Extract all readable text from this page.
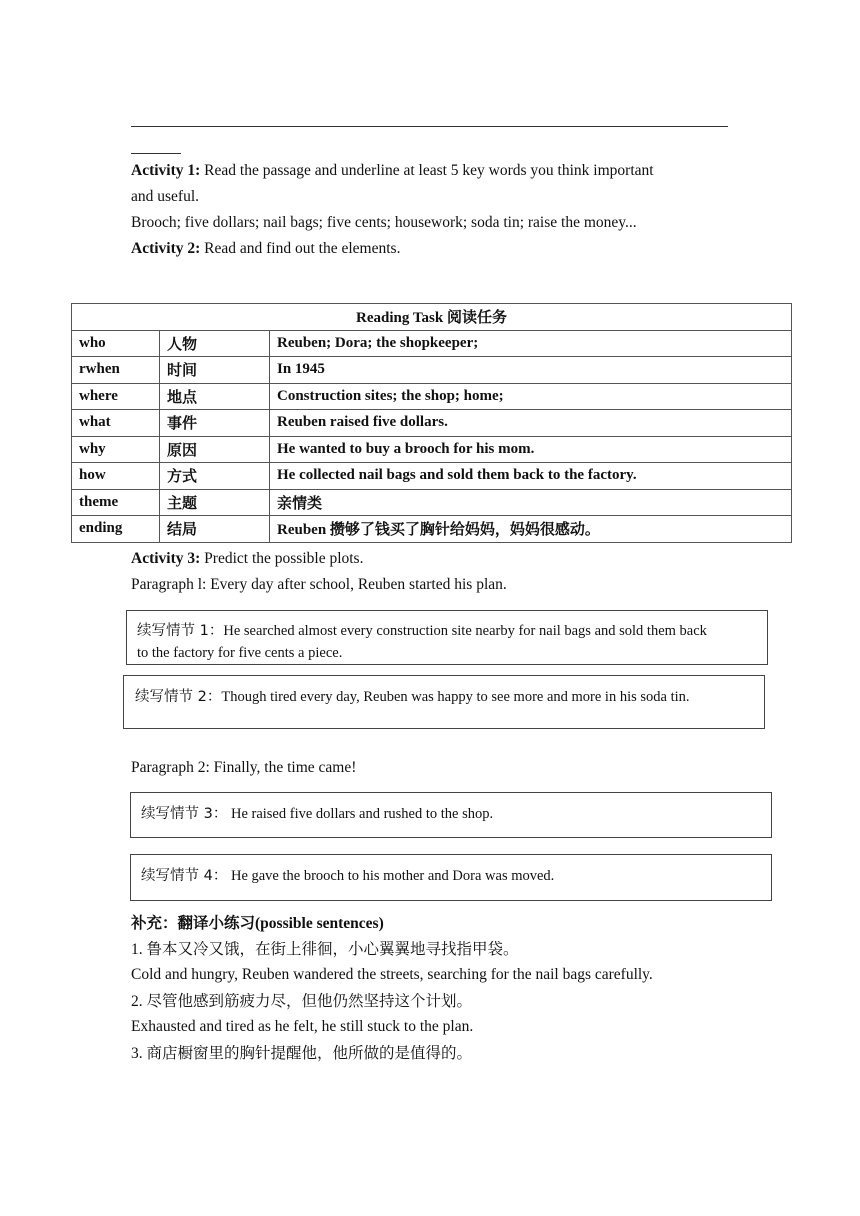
Activity 1: Read the passage and underline at least 5 key words you think important
and useful.
Brooch; five dollars; nail bags; five cents; housework; soda tin; raise the money...
Activity 2: Read and find out the elements.
Reading Task 阅读任务		
who	人物	Reuben; Dora; the shopkeeper;
rwhen	时间	In 1945
where	地点	Construction sites; the shop; home;
what	事件	Reuben raised five dollars.
why	原因	He wanted to buy a brooch for his mom.
how	方式	He collected nail bags and sold them back to the factory.
theme	主题	亲情类
ending	结局	Reuben 攒够了钱买了胸针给妈妈，妈妈很感动。
Activity 3: Predict the possible plots.
Paragraph l: Every day after school, Reuben started his plan.
续写情节 1：He searched almost every construction site nearby for nail bags and sold them back
to the factory for five cents a piece.
续写情节 2：Though tired every day, Reuben was happy to see more and more in his soda tin.
Paragraph 2: Finally, the time came!
续写情节 3： He raised five dollars and rushed to the shop.
续写情节 4： He gave the brooch to his mother and Dora was moved.
补充：翻译小练习(possible sentences)
1. 鲁本又冷又饿，在街上徘徊，小心翼翼地寻找指甲袋。
Cold and hungry, Reuben wandered the streets, searching for the nail bags carefully.
2. 尽管他感到筋疲力尽，但他仍然坚持这个计划。
Exhausted and tired as he felt, he still stuck to the plan.
3. 商店橱窗里的胸针提醒他，他所做的是值得的。
